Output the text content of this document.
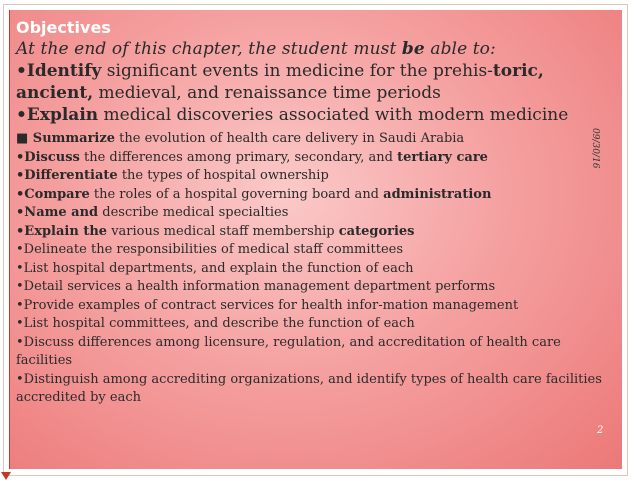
Objectives

At the end of this chapter, the student must be able to:

•Identify significant events in medicine for the prehis-toric, ancient, medieval, and renaissance time periods

•Explain medical discoveries associated with modern medicine

■ Summarize the evolution of health care delivery in Saudi Arabia

•Discuss the differences among primary, secondary, and tertiary care

•Differentiate the types of hospital ownership

•Compare the roles of a hospital governing board and administration

•Name and describe medical specialties

•Explain the various medical staff membership categories

•Delineate the responsibilities of medical staff committees

•List hospital departments, and explain the function of each

•Detail services a health information management department performs

•Provide examples of contract services for health infor-mation management

•List hospital committees, and describe the function of each

•Discuss differences among licensure, regulation, and accreditation of health care facilities

•Distinguish among accrediting organizations, and identify types of health care facilities accredited by each

09/30/16
2
